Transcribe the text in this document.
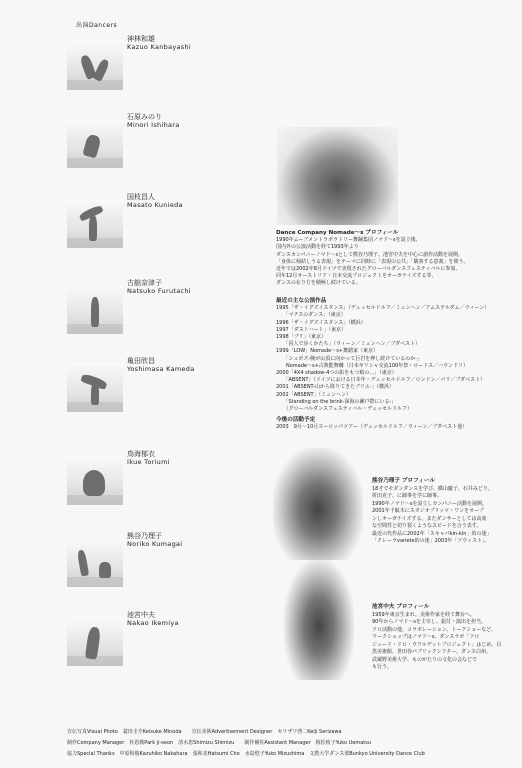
出演Dancers
神林和雄
Kazuo Kanbayashi
石原みのり
Minori Ishihara
国枝昌人
Masato Kunieda
古舘奈津子
Natsuko Furutachi
亀田欣昌
Yoshimasa Kameda
鳥海郁衣
Ikue Toriumi
熊谷乃理子
Noriko Kumagai
池宮中夫
Nakao Ikemiya
Dance Company Nomade〜s プロフィール
1990年ムーブメントラボラトリー舞踊集団ノマド〜sを設立後、
国内外の公演活動を経て1993年より
ダンスカンパニーノマド〜sとして熊谷乃理子、池宮中夫を中心に創作活動を展開。
「身体に帰結しうる表現」をテーマに同時に「表現の公共」「観客する意義」を問う。
近年では2002年8月ドイツで実現されたグローバルダンスフェスティバルに参加、
同年12月オーストリア・日本交流プロジェクトをオーガナイズする等、
ダンスの在り方を積極し続けている。
最近の主な公演作品
1995「ザ・イグズイスタンス」（デュッセルドルフ／ミュンヘン／アムステルダム／ウィーン）
　　「マチスのダンス」（東京）
1996「ザ・イグズイスタンス」（横浜）
1997「ダストハート」（東京）
1998「ブリ」（東京）
　　「囚人で歩くかたち」（ウィーン／ミュンヘン／ブダペスト）
1999「LOW」Nomade〜s+舞踏家（東京）
　　「シュポズ-腕が山頂に向かって巨岩を押し続けているのか-」
　　Nomade〜s+古典能舞囃（日本ギリシャ交流100年祭・ロードス／ハウンドリ）
2000「4X4 shadow-4つの影をもつ箱の…」（東京）
　　「ABSENT」（ドイツにおける日本年・デュッセルドルフ／ロンドン／パリ／ブダペスト）
2001「ABSENT-山から降りてきたブリエ-」（横浜）
2002「ABSENT」（ミュンヘン）
　　「Standing on the brink-深海の瀬戸際にいる-」
　　（グローバルダンスフェスティバル・デュッセルドルフ）
今後の活動予定
2003　9月〜10月ヨーロッパツアー（デュッセルドルフ／ウィーン／ブダペスト他）
熊谷乃理子 プロフィール
18才でモダンダンスを学び、横山慶子、石井みどり、
折田克子、に師事を学に師事。
1990年ノマド〜sを設立しカンパニー活動を展開。
2001年千駄木にスタジオブリッツ・ワンをオープ
ンしオーガナイズする。またダンサーとしては高度
な空間性と切り裂くようなスピードを合う表す。
最近の代作品に2002年「スキャパkin-kin」的の迷」
「クレーラvariete的の迷」2003年「ソウィスト」。
池宮中夫 プロフィール
1959年東京生まれ。美術作家を経て舞台へ。
90年からノマド〜sを主宰し、振付・演出を担当。
ソロ活動の他、コラボレーション、トークショーなど、
ワークショップはノマド〜s、ダンスラボ「ソロ
ジュード・ドロ・ウワルデットプロジェクト」はじめ、目
黒美術館、世田谷パブリックシアター、ダンス白州、
武蔵野美術大学、ものがたりの文化の会などで
も行う。
宣伝写真Visual Photo　蓑田圭介Keisuke Minoda　　宣伝美術Advertisement Designer　セリザワ啓二Keiji Serizawa
制作Company Manager　朴恩敬Park ji-seon　清水恵Shimizu Shimizu　　制作補佐Assistant Manager　植松侑子Yuko Uematsu
協力Special Thanks　中原和俊Kazuhiko Nakahara　張和美Hatsumi Cho　水島悠子Yuko Mizushima　文教大学ダンス部Bunkyo University Dance Club
